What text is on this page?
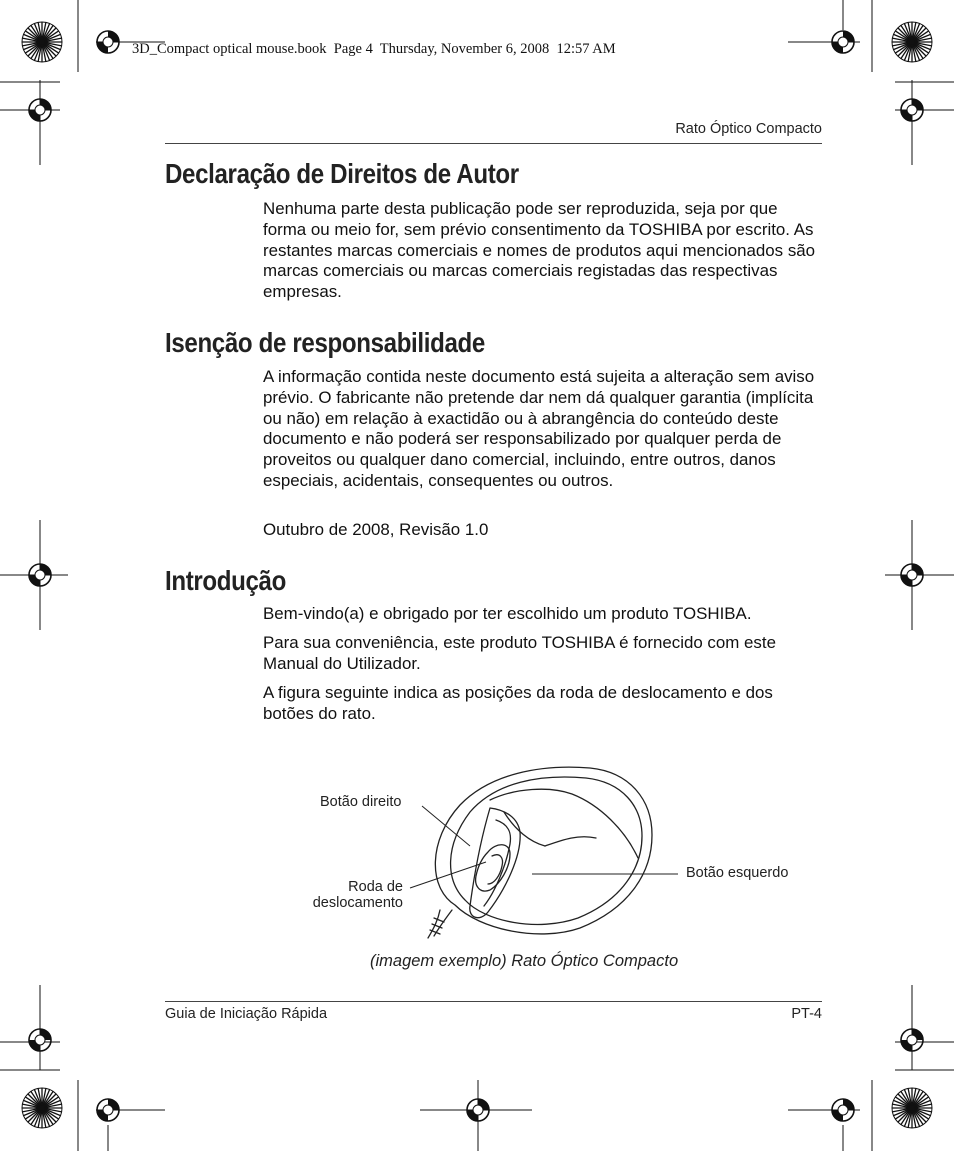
3D_Compact optical mouse.book  Page 4  Thursday, November 6, 2008  12:57 AM
Rato Óptico Compacto
Declaração de Direitos de Autor

Nenhuma parte desta publicação pode ser reproduzida, seja por que forma ou meio for, sem prévio consentimento da TOSHIBA por escrito. As restantes marcas comerciais e nomes de produtos aqui mencionados são marcas comerciais ou marcas comerciais registadas das respectivas empresas.

Isenção de responsabilidade

A informação contida neste documento está sujeita a alteração sem aviso prévio. O fabricante não pretende dar nem dá qualquer garantia (implícita ou não) em relação à exactidão ou à abrangência do conteúdo deste documento e não poderá ser responsabilizado por qualquer perda de proveitos ou qualquer dano comercial, incluindo, entre outros, danos especiais, acidentais, consequentes ou outros.

Outubro de 2008, Revisão 1.0

Introdução

Bem-vindo(a) e obrigado por ter escolhido um produto TOSHIBA.

Para sua conveniência, este produto TOSHIBA é fornecido com este Manual do Utilizador.

A figura seguinte indica as posições da roda de deslocamento e dos botões do rato.

Botão direito
Roda de
deslocamento
Botão esquerdo
(imagem exemplo) Rato Óptico Compacto
Guia de Iniciação Rápida	PT-4
